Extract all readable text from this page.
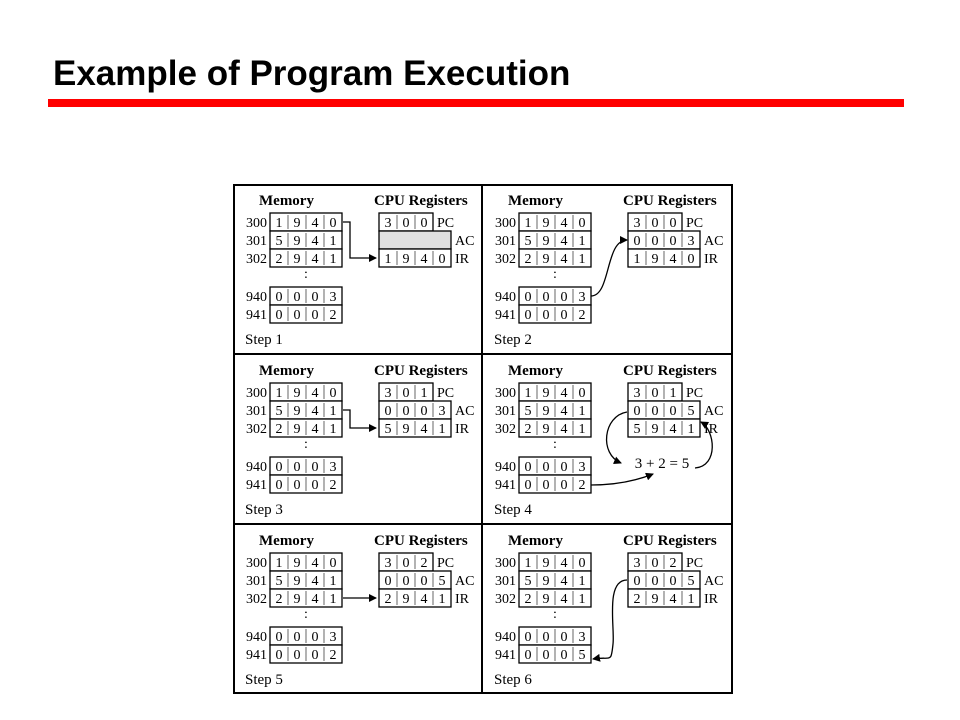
Example of Program Execution
Memory	CPU Registers
300 1 9 4 0
301 5 9 4 1
302 2 9 4 1
940 0 0 0 3
941 0 0 0 2
:
3 0 0 PC
AC
1 9 4 0 IR
Step 1
Memory	CPU Registers
300 1 9 4 0
301 5 9 4 1
302 2 9 4 1
940 0 0 0 3
941 0 0 0 2
:
3 0 0 PC
0 0 0 3 AC
1 9 4 0 IR
Step 2
Memory	CPU Registers
300 1 9 4 0
301 5 9 4 1
302 2 9 4 1
940 0 0 0 3
941 0 0 0 2
:
3 0 1 PC
0 0 0 3 AC
5 9 4 1 IR
Step 3
Memory	CPU Registers
300 1 9 4 0
301 5 9 4 1
302 2 9 4 1
940 0 0 0 3
941 0 0 0 2
:
3 0 1 PC
0 0 0 5 AC
5 9 4 1 IR
Step 4
3 + 2 = 5
Memory	CPU Registers
300 1 9 4 0
301 5 9 4 1
302 2 9 4 1
940 0 0 0 3
941 0 0 0 2
:
3 0 2 PC
0 0 0 5 AC
2 9 4 1 IR
Step 5
Memory	CPU Registers
300 1 9 4 0
301 5 9 4 1
302 2 9 4 1
940 0 0 0 3
941 0 0 0 5
:
3 0 2 PC
0 0 0 5 AC
2 9 4 1 IR
Step 6
